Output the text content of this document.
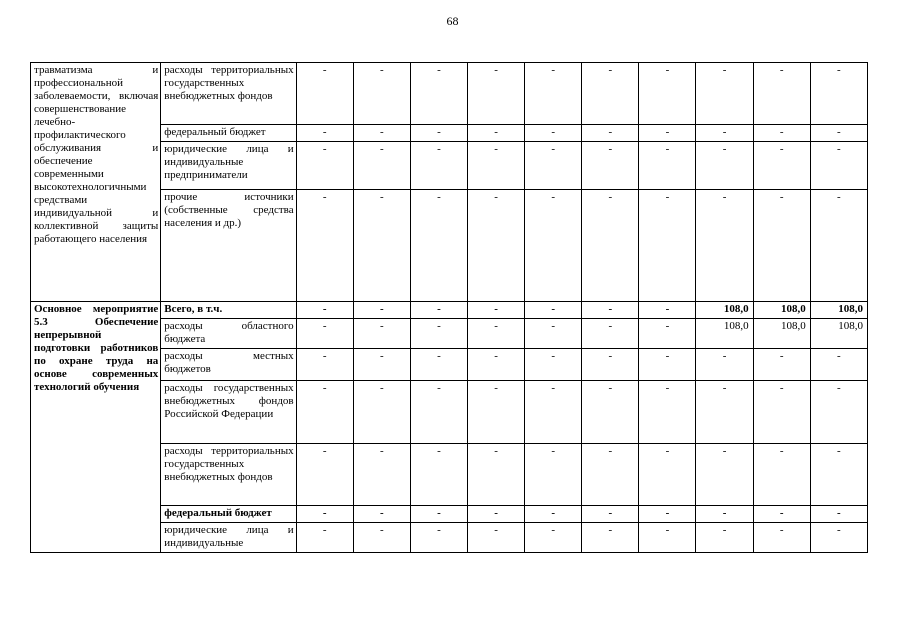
68
травматизма и профессиональной заболеваемости, включая совершенствование лечебно-профилактического обслуживания и обеспечение современными высокотехнологичными средствами индивидуальной и коллективной защиты работающего населения	расходы территориальных государственных внебюджетных фондов	-	-	-	-	-	-	-	-	-	-
	федеральный бюджет	-	-	-	-	-	-	-	-	-	-
	юридические лица и индивидуальные предприниматели	-	-	-	-	-	-	-	-	-	-
	прочие источники (собственные средства населения и др.)	-	-	-	-	-	-	-	-	-	-
Основное мероприятие 5.3 Обеспечение непрерывной подготовки работников по охране труда на основе современных технологий обучения	Всего, в т.ч.	-	-	-	-	-	-	-	108,0	108,0	108,0
	расходы областного бюджета	-	-	-	-	-	-	-	108,0	108,0	108,0
	расходы местных бюджетов	-	-	-	-	-	-	-	-	-	-
	расходы государственных внебюджетных фондов Российской Федерации	-	-	-	-	-	-	-	-	-	-
	расходы территориальных государственных внебюджетных фондов	-	-	-	-	-	-	-	-	-	-
	федеральный бюджет	-	-	-	-	-	-	-	-	-	-
	юридические лица и индивидуальные	-	-	-	-	-	-	-	-	-	-
